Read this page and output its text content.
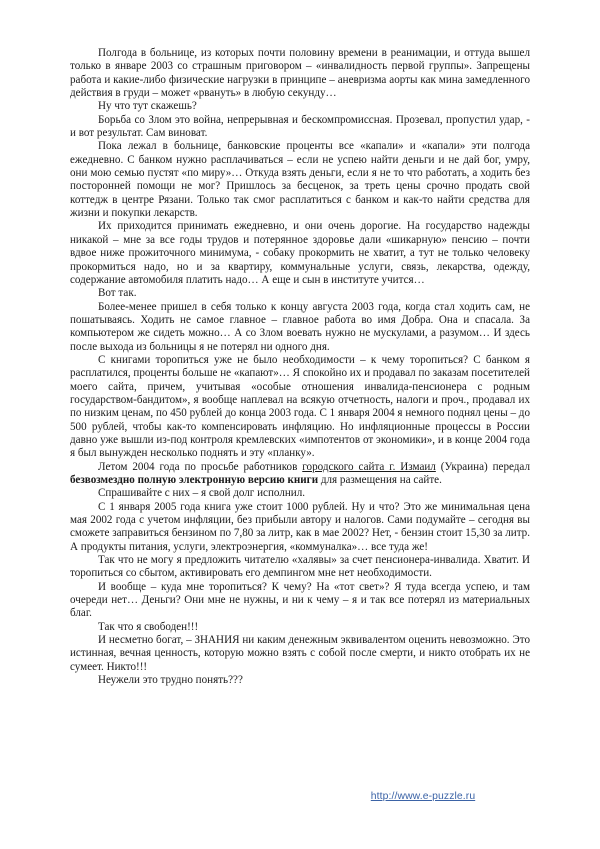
Полгода в больнице, из которых почти половину времени в реанимации, и оттуда вышел только в январе 2003 со страшным приговором – «инвалидность первой группы». Запрещены работа и какие-либо физические нагрузки в принципе – аневризма аорты как мина замедленного действия в груди – может «рвануть» в любую секунду…

Ну что тут скажешь?

Борьба со Злом это война, непрерывная и бескомпромиссная. Прозевал, пропустил удар, - и вот результат. Сам виноват.

Пока лежал в больнице, банковские проценты все «капали» и «капали» эти полгода ежедневно. С банком нужно расплачиваться – если не успею найти деньги и не дай бог, умру, они мою семью пустят «по миру»… Откуда взять деньги, если я не то что работать, а ходить без посторонней помощи не мог? Пришлось за бесценок, за треть цены срочно продать свой коттедж в центре Рязани. Только так смог расплатиться с банком и как-то найти средства для жизни и покупки лекарств.

Их приходится принимать ежедневно, и они очень дорогие. На государство надежды никакой – мне за все годы трудов и потерянное здоровье дали «шикарную» пенсию – почти вдвое ниже прожиточного минимума, - собаку прокормить не хватит, а тут не только человеку прокормиться надо, но и за квартиру, коммунальные услуги, связь, лекарства, одежду, содержание автомобиля платить надо… А еще и сын в институте учится…

Вот так.

Более-менее пришел в себя только к концу августа 2003 года, когда стал ходить сам, не пошатываясь. Ходить не самое главное – главное работа во имя Добра. Она и спасала. За компьютером же сидеть можно… А со Злом воевать нужно не мускулами, а разумом… И здесь после выхода из больницы я не потерял ни одного дня.

С книгами торопиться уже не было необходимости – к чему торопиться? С банком я расплатился, проценты больше не «капают»… Я спокойно их и продавал по заказам посетителей моего сайта, причем, учитывая «особые отношения инвалида-пенсионера с родным государством-бандитом», я вообще наплевал на всякую отчетность, налоги и проч., продавал их по низким ценам, по 450 рублей до конца 2003 года. С 1 января 2004 я немного поднял цены – до 500 рублей, чтобы как-то компенсировать инфляцию. Но инфляционные процессы в России давно уже вышли из-под контроля кремлевских «импотентов от экономики», и в конце 2004 года я был вынужден несколько поднять и эту «планку».

Летом 2004 года по просьбе работников городского сайта г. Измаил (Украина) передал безвозмездно полную электронную версию книги для размещения на сайте.

Спрашивайте с них – я свой долг исполнил.

С 1 января 2005 года книга уже стоит 1000 рублей. Ну и что? Это же минимальная цена мая 2002 года с учетом инфляции, без прибыли автору и налогов. Сами подумайте – сегодня вы сможете заправиться бензином по 7,80 за литр, как в мае 2002? Нет, - бензин стоит 15,30 за литр. А продукты питания, услуги, электроэнергия, «коммуналка»… все туда же!

Так что не могу я предложить читателю «халявы» за счет пенсионера-инвалида. Хватит. И торопиться со сбытом, активировать его демпингом мне нет необходимости.

И вообще – куда мне торопиться? К чему? На «тот свет»? Я туда всегда успею, и там очереди нет… Деньги? Они мне не нужны, и ни к чему – я и так все потерял из материальных благ.

Так что я свободен!!!

И несметно богат, – ЗНАНИЯ ни каким денежным эквивалентом оценить невозможно. Это истинная, вечная ценность, которую можно взять с собой после смерти, и никто отобрать их не сумеет. Никто!!!

Неужели это трудно понять???

http://www.e-puzzle.ru
